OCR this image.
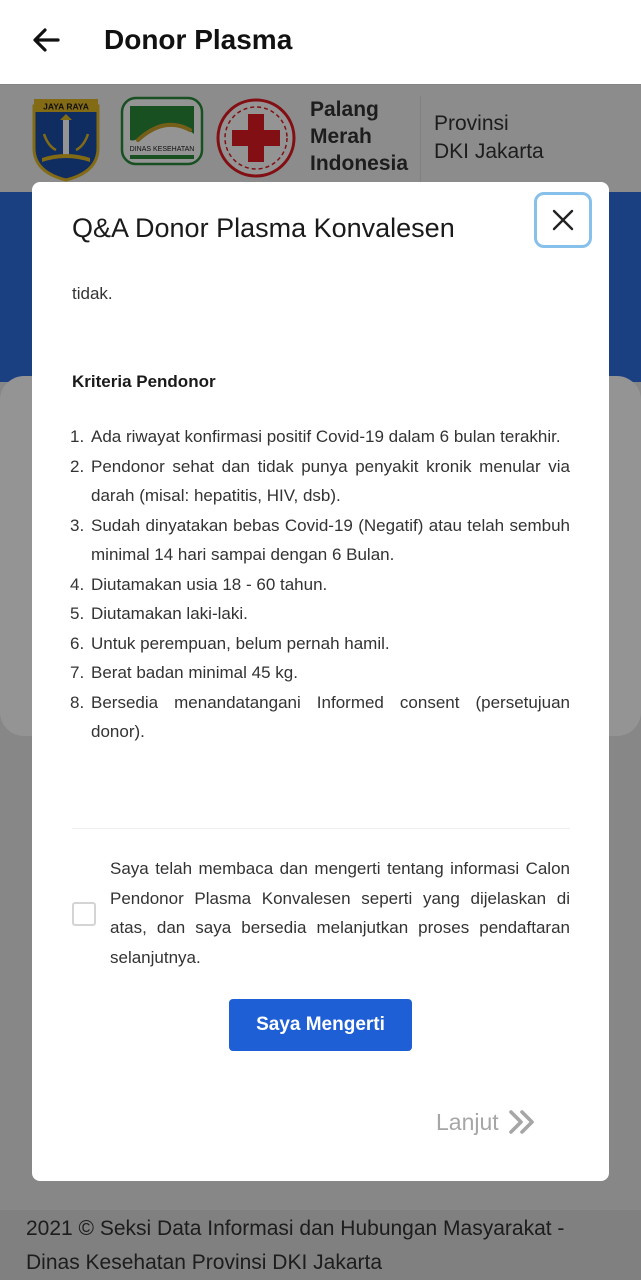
Donor Plasma
JAYA RAYA
DINAS KESEHATAN
Palang
Merah
Indonesia
Provinsi
DKI Jakarta
2021 © Seksi Data Informasi dan Hubungan Masyarakat -
Dinas Kesehatan Provinsi DKI Jakarta
Q&A Donor Plasma Konvalesen
tidak.
Kriteria Pendonor
1. Ada riwayat konfirmasi positif Covid-19 dalam 6 bulan terakhir.
2. Pendonor sehat dan tidak punya penyakit kronik menular via darah (misal: hepatitis, HIV, dsb).
3. Sudah dinyatakan bebas Covid-19 (Negatif) atau telah sembuh minimal 14 hari sampai dengan 6 Bulan.
4. Diutamakan usia 18 - 60 tahun.
5. Diutamakan laki-laki.
6. Untuk perempuan, belum pernah hamil.
7. Berat badan minimal 45 kg.
8. Bersedia menandatangani Informed consent (persetujuan donor).
Saya telah membaca dan mengerti tentang informasi Calon Pendonor Plasma Konvalesen seperti yang dijelaskan di atas, dan saya bersedia melanjutkan proses pendaftaran selanjutnya.
Saya Mengerti
Lanjut
